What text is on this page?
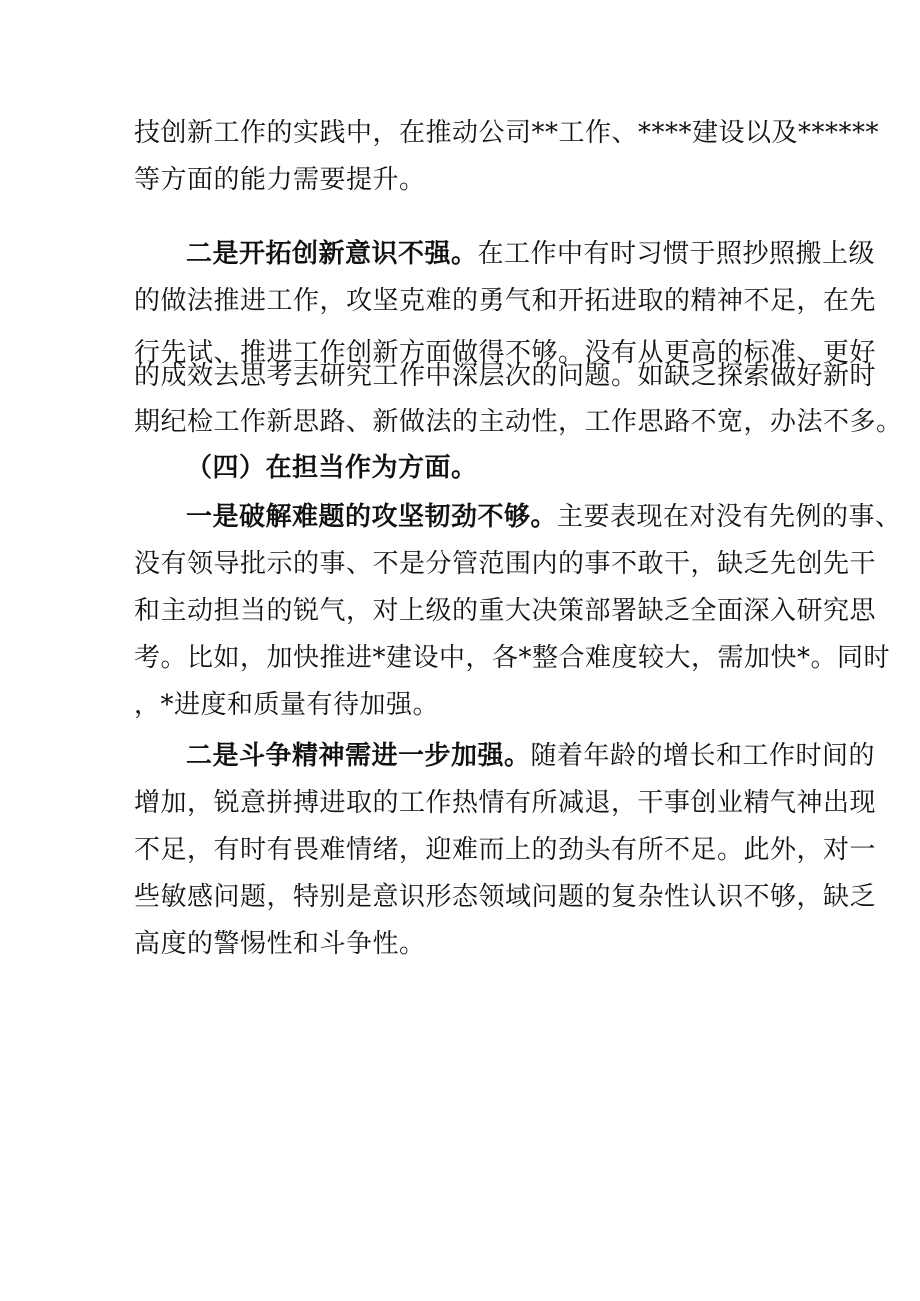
技创新工作的实践中，在推动公司**工作、****建设以及******
等方面的能力需要提升。
二是开拓创新意识不强。在工作中有时习惯于照抄照搬上级
的做法推进工作，攻坚克难的勇气和开拓进取的精神不足，在先
行先试、推进工作创新方面做得不够。没有从更高的标准、更好
的成效去思考去研究工作中深层次的问题。如缺乏探索做好新时
期纪检工作新思路、新做法的主动性，工作思路不宽，办法不多。
（四）在担当作为方面。
一是破解难题的攻坚韧劲不够。主要表现在对没有先例的事、
没有领导批示的事、不是分管范围内的事不敢干，缺乏先创先干
和主动担当的锐气，对上级的重大决策部署缺乏全面深入研究思
考。比如，加快推进*建设中，各*整合难度较大，需加快*。同时
，*进度和质量有待加强。
二是斗争精神需进一步加强。随着年龄的增长和工作时间的
增加，锐意拼搏进取的工作热情有所减退，干事创业精气神出现
不足，有时有畏难情绪，迎难而上的劲头有所不足。此外，对一
些敏感问题，特别是意识形态领域问题的复杂性认识不够，缺乏
高度的警惕性和斗争性。
